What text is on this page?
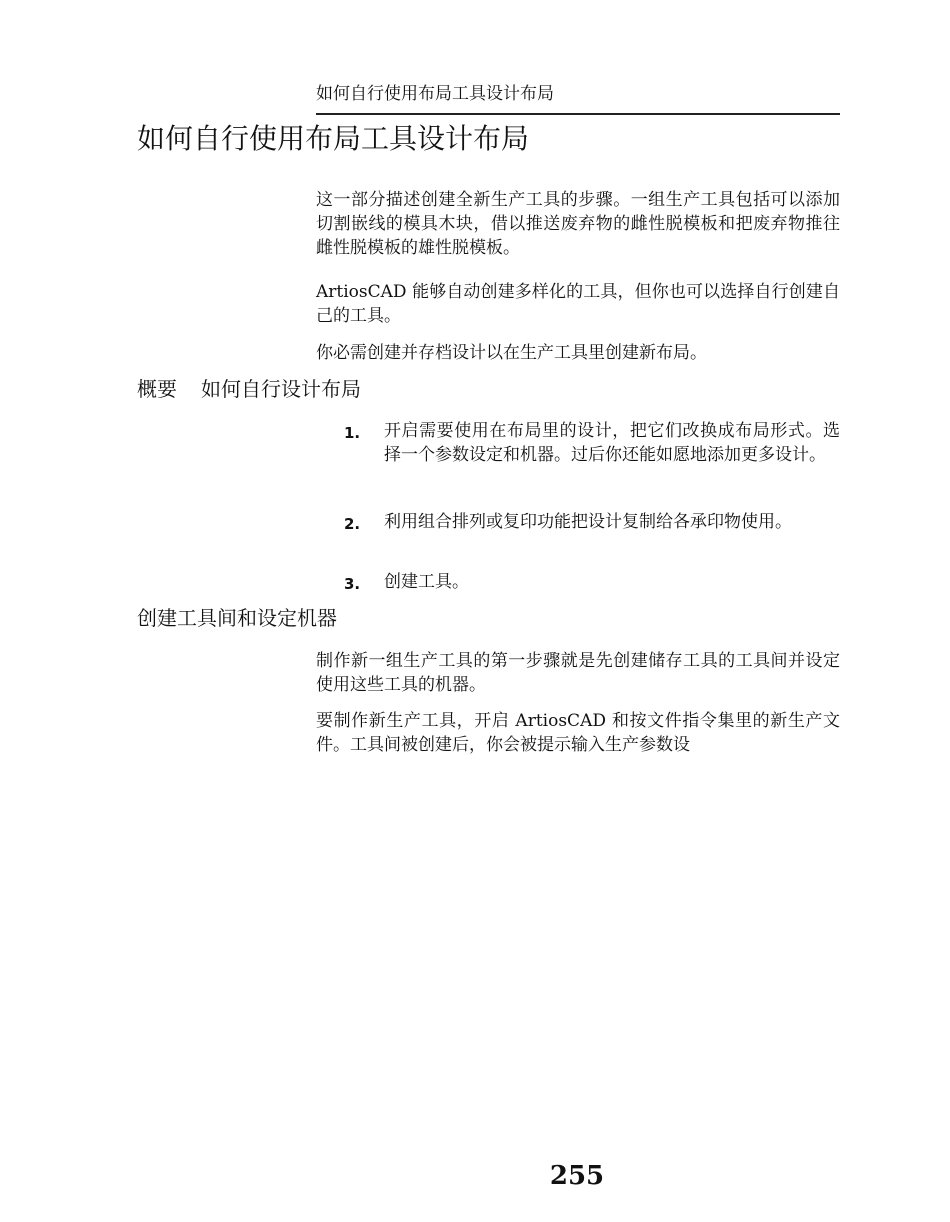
如何自行使用布局工具设计布局
如何自行使用布局工具设计布局

这一部分描述创建全新生产工具的步骤。一组生产工具包括可以添加切割嵌线的模具木块，借以推送废弃物的雌性脱模板和把废弃物推往雌性脱模板的雄性脱模板。

ArtiosCAD 能够自动创建多样化的工具，但你也可以选择自行创建自己的工具。

你必需创建并存档设计以在生产工具里创建新布局。

概要 如何自行设计布局
1. 开启需要使用在布局里的设计，把它们改换成布局形式。选择一个参数设定和机器。过后你还能如愿地添加更多设计。
2. 利用组合排列或复印功能把设计复制给各承印物使用。
3. 创建工具。
创建工具间和设定机器

制作新一组生产工具的第一步骤就是先创建储存工具的工具间并设定使用这些工具的机器。

要制作新生产工具，开启 ArtiosCAD 和按文件指令集里的新生产文件。工具间被创建后，你会被提示输入生产参数设

255
